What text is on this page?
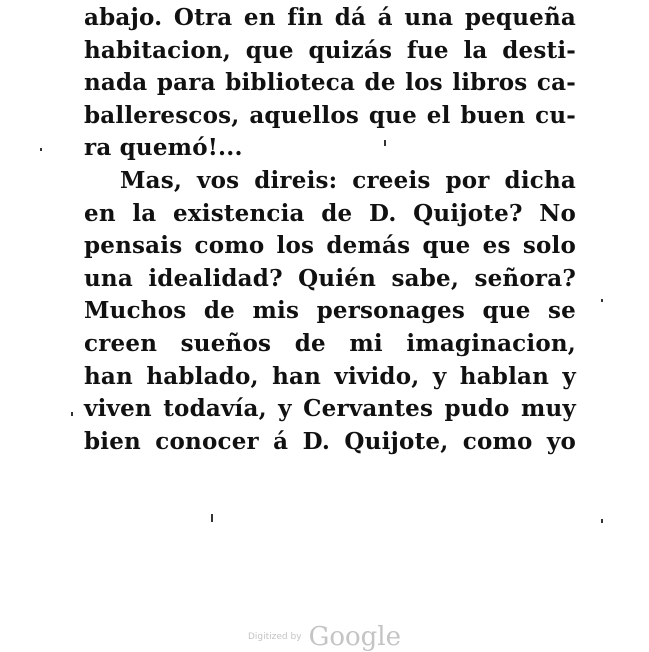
abajo. Otra en fin dá á una pequeña
habitacion, que quizás fue la desti-
nada para biblioteca de los libros ca-
ballerescos, aquellos que el buen cu-
ra quemó!...
Mas, vos direis: creeis por dicha
en la existencia de D. Quijote? No
pensais como los demás que es solo
una idealidad? Quién sabe, señora?
Muchos de mis personages que se
creen sueños de mi imaginacion,
han hablado, han vivido, y hablan y
viven todavía, y Cervantes pudo muy
bien conocer á D. Quijote, como yo
Digitized by Google
